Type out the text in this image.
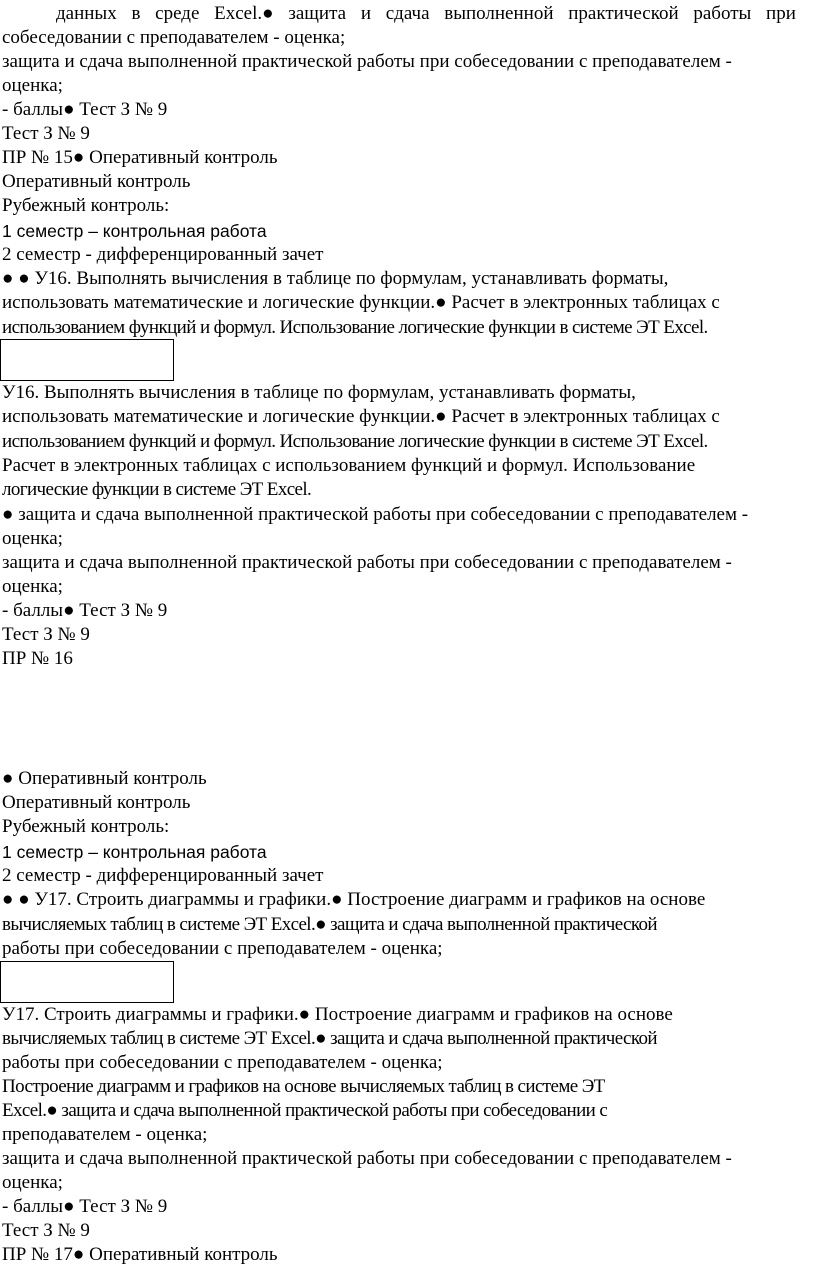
данных в среде Excel.● защита и сдача выполненной практической работы при
собеседовании с преподавателем - оценка;
защита и сдача выполненной практической работы при собеседовании с преподавателем -
оценка;
- баллы● Тест З № 9
Тест З № 9
ПР № 15● Оперативный контроль
Оперативный контроль
Рубежный контроль:
1 семестр – контрольная работа
2 семестр - дифференцированный зачет
● ● У16. Выполнять вычисления в таблице по формулам, устанавливать форматы,
использовать математические и логические функции.● Расчет в электронных таблицах с
использованием функций и формул. Использование логические функции в системе ЭТ Excel.
У16. Выполнять вычисления в таблице по формулам, устанавливать форматы,
использовать математические и логические функции.● Расчет в электронных таблицах с
использованием функций и формул. Использование логические функции в системе ЭТ Excel.
Расчет в электронных таблицах с использованием функций и формул. Использование
логические функции в системе ЭТ Excel.
● защита и сдача выполненной практической работы при собеседовании с преподавателем -
оценка;
защита и сдача выполненной практической работы при собеседовании с преподавателем -
оценка;
- баллы● Тест З № 9
Тест З № 9
ПР № 16
● Оперативный контроль
Оперативный контроль
Рубежный контроль:
1 семестр – контрольная работа
2 семестр - дифференцированный зачет
● ● У17. Строить диаграммы и графики.● Построение диаграмм и графиков на основе
вычисляемых таблиц в системе ЭТ Excel.● защита и сдача выполненной практической
работы при собеседовании с преподавателем - оценка;
У17. Строить диаграммы и графики.● Построение диаграмм и графиков на основе
вычисляемых таблиц в системе ЭТ Excel.● защита и сдача выполненной практической
работы при собеседовании с преподавателем - оценка;
Построение диаграмм и графиков на основе вычисляемых таблиц в системе ЭТ
Excel.● защита и сдача выполненной практической работы при собеседовании с
преподавателем - оценка;
защита и сдача выполненной практической работы при собеседовании с преподавателем -
оценка;
- баллы● Тест З № 9
Тест З № 9
ПР № 17● Оперативный контроль
